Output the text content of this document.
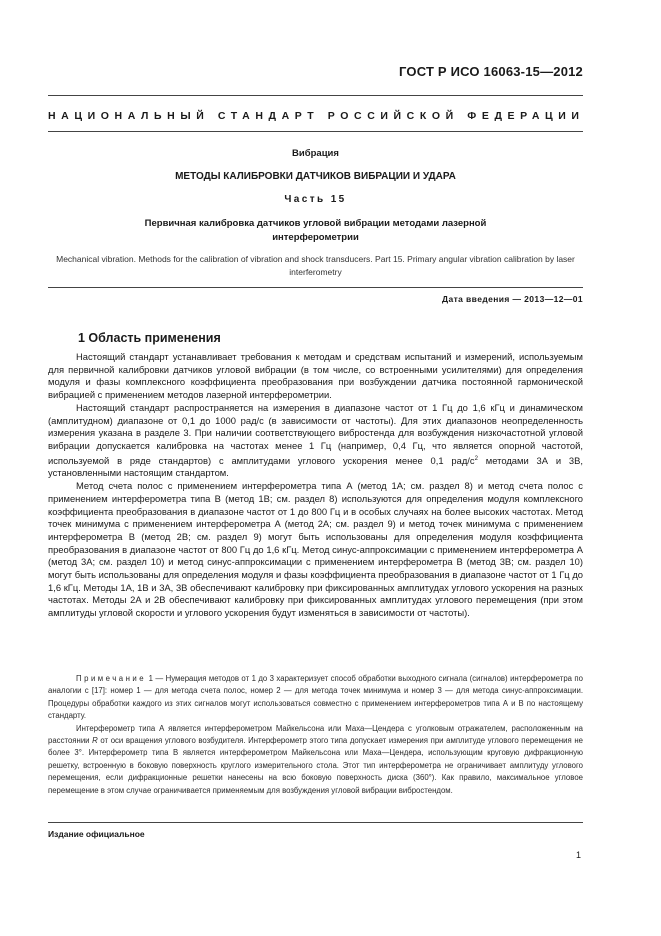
ГОСТ Р ИСО 16063-15—2012
НАЦИОНАЛЬНЫЙ СТАНДАРТ РОССИЙСКОЙ ФЕДЕРАЦИИ
Вибрация
МЕТОДЫ КАЛИБРОВКИ ДАТЧИКОВ ВИБРАЦИИ И УДАРА
Часть 15
Первичная калибровка датчиков угловой вибрации методами лазерной интерферометрии
Mechanical vibration. Methods for the calibration of vibration and shock transducers. Part 15. Primary angular vibration calibration by laser interferometry
Дата введения — 2013—12—01
1 Область применения

Настоящий стандарт устанавливает требования к методам и средствам испытаний и измерений, используемым для первичной калибровки датчиков угловой вибрации (в том числе, со встроенными усилителями) для определения модуля и фазы комплексного коэффициента преобразования при возбуждении датчика постоянной гармонической вибрацией с применением методов лазерной интерферометрии.

Настоящий стандарт распространяется на измерения в диапазоне частот от 1 Гц до 1,6 кГц и динамическом (амплитудном) диапазоне от 0,1 до 1000 рад/с (в зависимости от частоты). Для этих диапазонов неопределенность измерения указана в разделе 3. При наличии соответствующего вибростенда для возбуждения низкочастотной угловой вибрации допускается калибровка на частотах менее 1 Гц (например, 0,4 Гц, что является опорной частотой, используемой в ряде стандартов) с амплитудами углового ускорения менее 0,1 рад/$с^2$ методами 3А и 3В, установленными настоящим стандартом.

Метод счета полос с применением интерферометра типа А (метод 1А; см. раздел 8) и метод счета полос с применением интерферометра типа В (метод 1В; см. раздел 8) используются для определения модуля комплексного коэффициента преобразования в диапазоне частот от 1 до 800 Гц и в особых случаях на более высоких частотах. Метод точек минимума с применением интерферометра А (метод 2А; см. раздел 9) и метод точек минимума с применением интерферометра В (метод 2В; см. раздел 9) могут быть использованы для определения модуля коэффициента преобразования в диапазоне частот от 800 Гц до 1,6 кГц. Метод синус-аппроксимации с применением интерферометра А (метод 3А; см. раздел 10) и метод синус-аппроксимации с применением интерферометра В (метод 3В; см. раздел 10) могут быть использованы для определения модуля и фазы коэффициента преобразования в диапазоне частот от 1 Гц до 1,6 кГц. Методы 1А, 1В и 3А, 3В обеспечивают калибровку при фиксированных амплитудах углового ускорения на разных частотах. Методы 2А и 2В обеспечивают калибровку при фиксированных амплитудах углового перемещения (при этом амплитуды угловой скорости и углового ускорения будут изменяться в зависимости от частоты).

Примечание 1 — Нумерация методов от 1 до 3 характеризует способ обработки выходного сигнала (сигналов) интерферометра по аналогии с [17]: номер 1 — для метода счета полос, номер 2 — для метода точек минимума и номер 3 — для метода синус-аппроксимации. Процедуры обработки каждого из этих сигналов могут использоваться совместно с применением интерферометров типа А и В по настоящему стандарту.

Интерферометр типа А является интерферометром Майкельсона или Маха—Цендера с уголковым отражателем, расположенным на расстоянии R от оси вращения углового возбудителя. Интерферометр этого типа допускает измерения при амплитуде углового перемещения не более 3°. Интерферометр типа В является интерферометром Майкельсона или Маха—Цендера, использующим круговую дифракционную решетку, встроенную в боковую поверхность круглого измерительного стола. Этот тип интерферометра не ограничивает амплитуду углового перемещения, если дифракционные решетки нанесены на всю боковую поверхность диска (360°). Как правило, максимальное угловое перемещение в этом случае ограничивается применяемым для возбуждения угловой вибрации вибростендом.

Издание официальное
1
